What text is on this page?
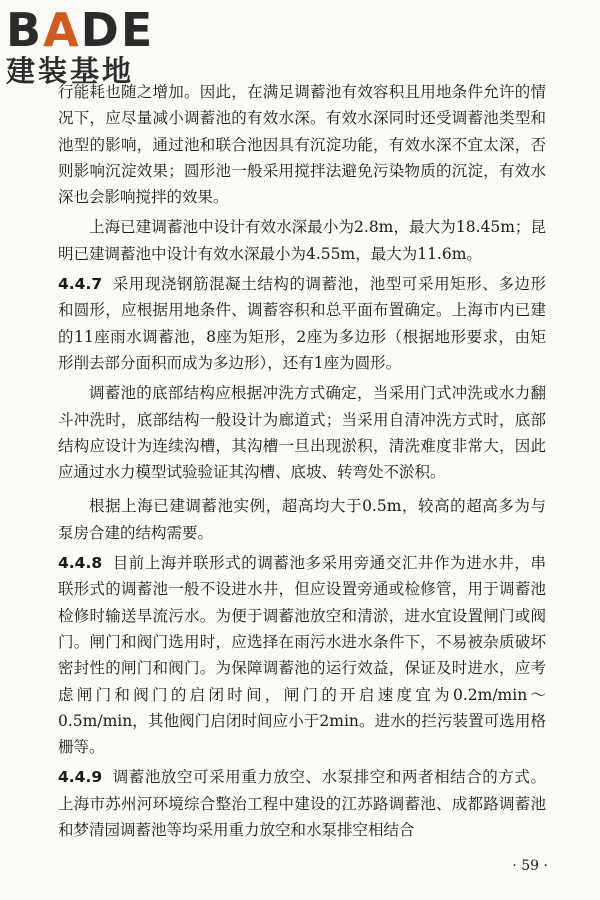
BADE
建装基地

行能耗也随之增加。因此，在满足调蓄池有效容积且用地条件允许的情况下，应尽量减小调蓄池的有效水深。有效水深同时还受调蓄池类型和池型的影响，通过池和联合池因具有沉淀功能，有效水深不宜太深，否则影响沉淀效果；圆形池一般采用搅拌法避免污染物质的沉淀，有效水深也会影响搅拌的效果。

上海已建调蓄池中设计有效水深最小为2.8m，最大为18.45m；昆明已建调蓄池中设计有效水深最小为4.55m，最大为11.6m。

4.4.7 采用现浇钢筋混凝土结构的调蓄池，池型可采用矩形、多边形和圆形，应根据用地条件、调蓄容积和总平面布置确定。上海市内已建的11座雨水调蓄池，8座为矩形，2座为多边形（根据地形要求，由矩形削去部分面积而成为多边形），还有1座为圆形。

调蓄池的底部结构应根据冲洗方式确定，当采用门式冲洗或水力翻斗冲洗时，底部结构一般设计为廊道式；当采用自清冲洗方式时，底部结构应设计为连续沟槽，其沟槽一旦出现淤积，清洗难度非常大，因此应通过水力模型试验验证其沟槽、底坡、转弯处不淤积。

根据上海已建调蓄池实例，超高均大于0.5m，较高的超高多为与泵房合建的结构需要。

4.4.8 目前上海并联形式的调蓄池多采用旁通交汇井作为进水井，串联形式的调蓄池一般不设进水井，但应设置旁通或检修管，用于调蓄池检修时输送旱流污水。为便于调蓄池放空和清淤，进水宜设置闸门或阀门。闸门和阀门选用时，应选择在雨污水进水条件下，不易被杂质破坏密封性的闸门和阀门。为保障调蓄池的运行效益，保证及时进水，应考虑闸门和阀门的启闭时间，闸门的开启速度宜为0.2m/min～0.5m/min，其他阀门启闭时间应小于2min。进水的拦污装置可选用格栅等。

4.4.9 调蓄池放空可采用重力放空、水泵排空和两者相结合的方式。上海市苏州河环境综合整治工程中建设的江苏路调蓄池、成都路调蓄池和梦清园调蓄池等均采用重力放空和水泵排空相结合

· 59 ·
